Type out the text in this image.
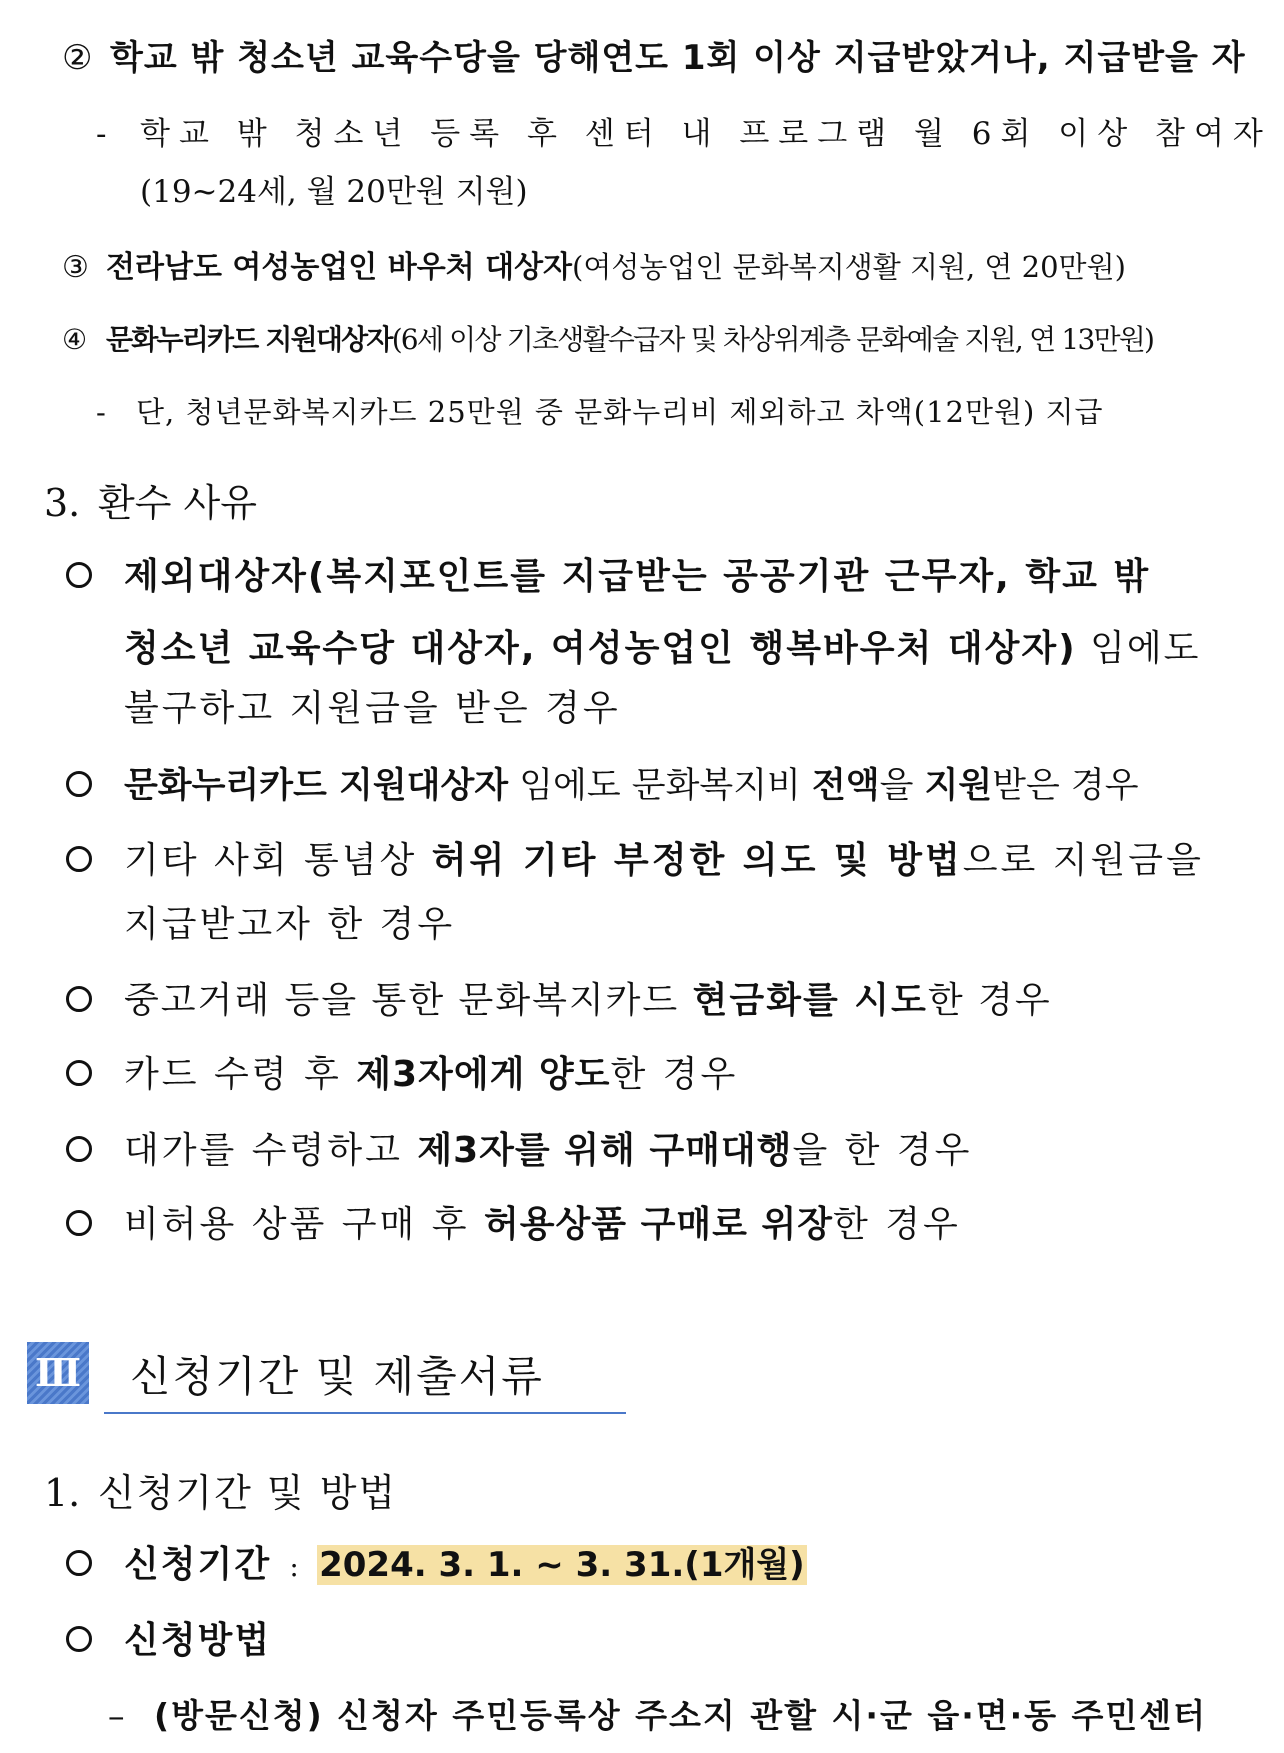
② 학교 밖 청소년 교육수당을 당해연도 1회 이상 지급받았거나, 지급받을 자
- 학교 밖 청소년 등록 후 센터 내 프로그램 월 6회 이상 참여자
(19~24세, 월 20만원 지원)
③ 전라남도 여성농업인 바우처 대상자(여성농업인 문화복지생활 지원, 연 20만원)
④ 문화누리카드 지원대상자(6세 이상 기초생활수급자 및 차상위계층 문화예술 지원, 연 13만원)
- 단, 청년문화복지카드 25만원 중 문화누리비 제외하고 차액(12만원) 지급
3. 환수 사유
제외대상자(복지포인트를 지급받는 공공기관 근무자, 학교 밖
청소년 교육수당 대상자, 여성농업인 행복바우처 대상자) 임에도
불구하고 지원금을 받은 경우
문화누리카드 지원대상자 임에도 문화복지비 전액을 지원받은 경우
기타 사회 통념상 허위 기타 부정한 의도 및 방법으로 지원금을
지급받고자 한 경우
중고거래 등을 통한 문화복지카드 현금화를 시도한 경우
카드 수령 후 제3자에게 양도한 경우
대가를 수령하고 제3자를 위해 구매대행을 한 경우
비허용 상품 구매 후 허용상품 구매로 위장한 경우
Ⅲ 신청기간 및 제출서류
1. 신청기간 및 방법
신청기간 : 2024. 3. 1. ~ 3. 31.(1개월)
신청방법
– (방문신청) 신청자 주민등록상 주소지 관할 시·군 읍·면·동 주민센터
